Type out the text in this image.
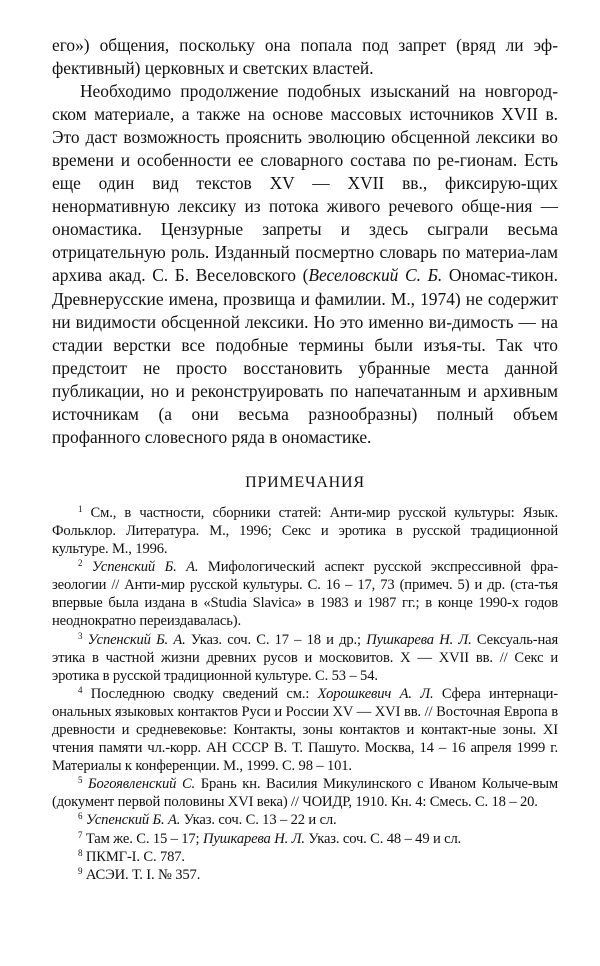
его») общения, поскольку она попала под запрет (вряд ли эф-фективный) церковных и светских властей.

Необходимо продолжение подобных изысканий на новгород-ском материале, а также на основе массовых источников XVII в. Это даст возможность прояснить эволюцию обсценной лексики во времени и особенности ее словарного состава по ре-гионам. Есть еще один вид текстов XV — XVII вв., фиксирую-щих ненормативную лексику из потока живого речевого обще-ния — ономастика. Цензурные запреты и здесь сыграли весьма отрицательную роль. Изданный посмертно словарь по материа-лам архива акад. С. Б. Веселовского (Веселовский С. Б. Ономас-тикон. Древнерусские имена, прозвища и фамилии. М., 1974) не содержит ни видимости обсценной лексики. Но это именно ви-димость — на стадии верстки все подобные термины были изъя-ты. Так что предстоит не просто восстановить убранные места данной публикации, но и реконструировать по напечатанным и архивным источникам (а они весьма разнообразны) полный объем профанного словесного ряда в ономастике.

ПРИМЕЧАНИЯ

$^1$ См., в частности, сборники статей: Анти-мир русской культуры: Язык. Фольклор. Литература. М., 1996; Секс и эротика в русской традиционной культуре. М., 1996.

$^2$ Успенский Б. А. Мифологический аспект русской экспрессивной фра-зеологии // Анти-мир русской культуры. С. 16 – 17, 73 (примеч. 5) и др. (ста-тья впервые была издана в «Studia Slavica» в 1983 и 1987 гг.; в конце 1990-х годов неоднократно переиздавалась).

$^3$ Успенский Б. А. Указ. соч. С. 17 – 18 и др.; Пушкарева Н. Л. Сексуаль-ная этика в частной жизни древних русов и московитов. X — XVII вв. // Секс и эротика в русской традиционной культуре. С. 53 – 54.

$^4$ Последнюю сводку сведений см.: Хорошкевич А. Л. Сфера интернаци-ональных языковых контактов Руси и России XV — XVI вв. // Восточная Европа в древности и средневековье: Контакты, зоны контактов и контакт-ные зоны. XI чтения памяти чл.-корр. АН СССР В. Т. Пашуто. Москва, 14 – 16 апреля 1999 г. Материалы к конференции. М., 1999. С. 98 – 101.

$^5$ Богоявленский С. Брань кн. Василия Микулинского с Иваном Колыче-вым (документ первой половины XVI века) // ЧОИДР, 1910. Кн. 4: Смесь. С. 18 – 20.

$^6$ Успенский Б. А. Указ. соч. С. 13 – 22 и сл.

$^7$ Там же. С. 15 – 17; Пушкарева Н. Л. Указ. соч. С. 48 – 49 и сл.

$^8$ ПКМГ-I. С. 787.

$^9$ АСЭИ. Т. I. № 357.
